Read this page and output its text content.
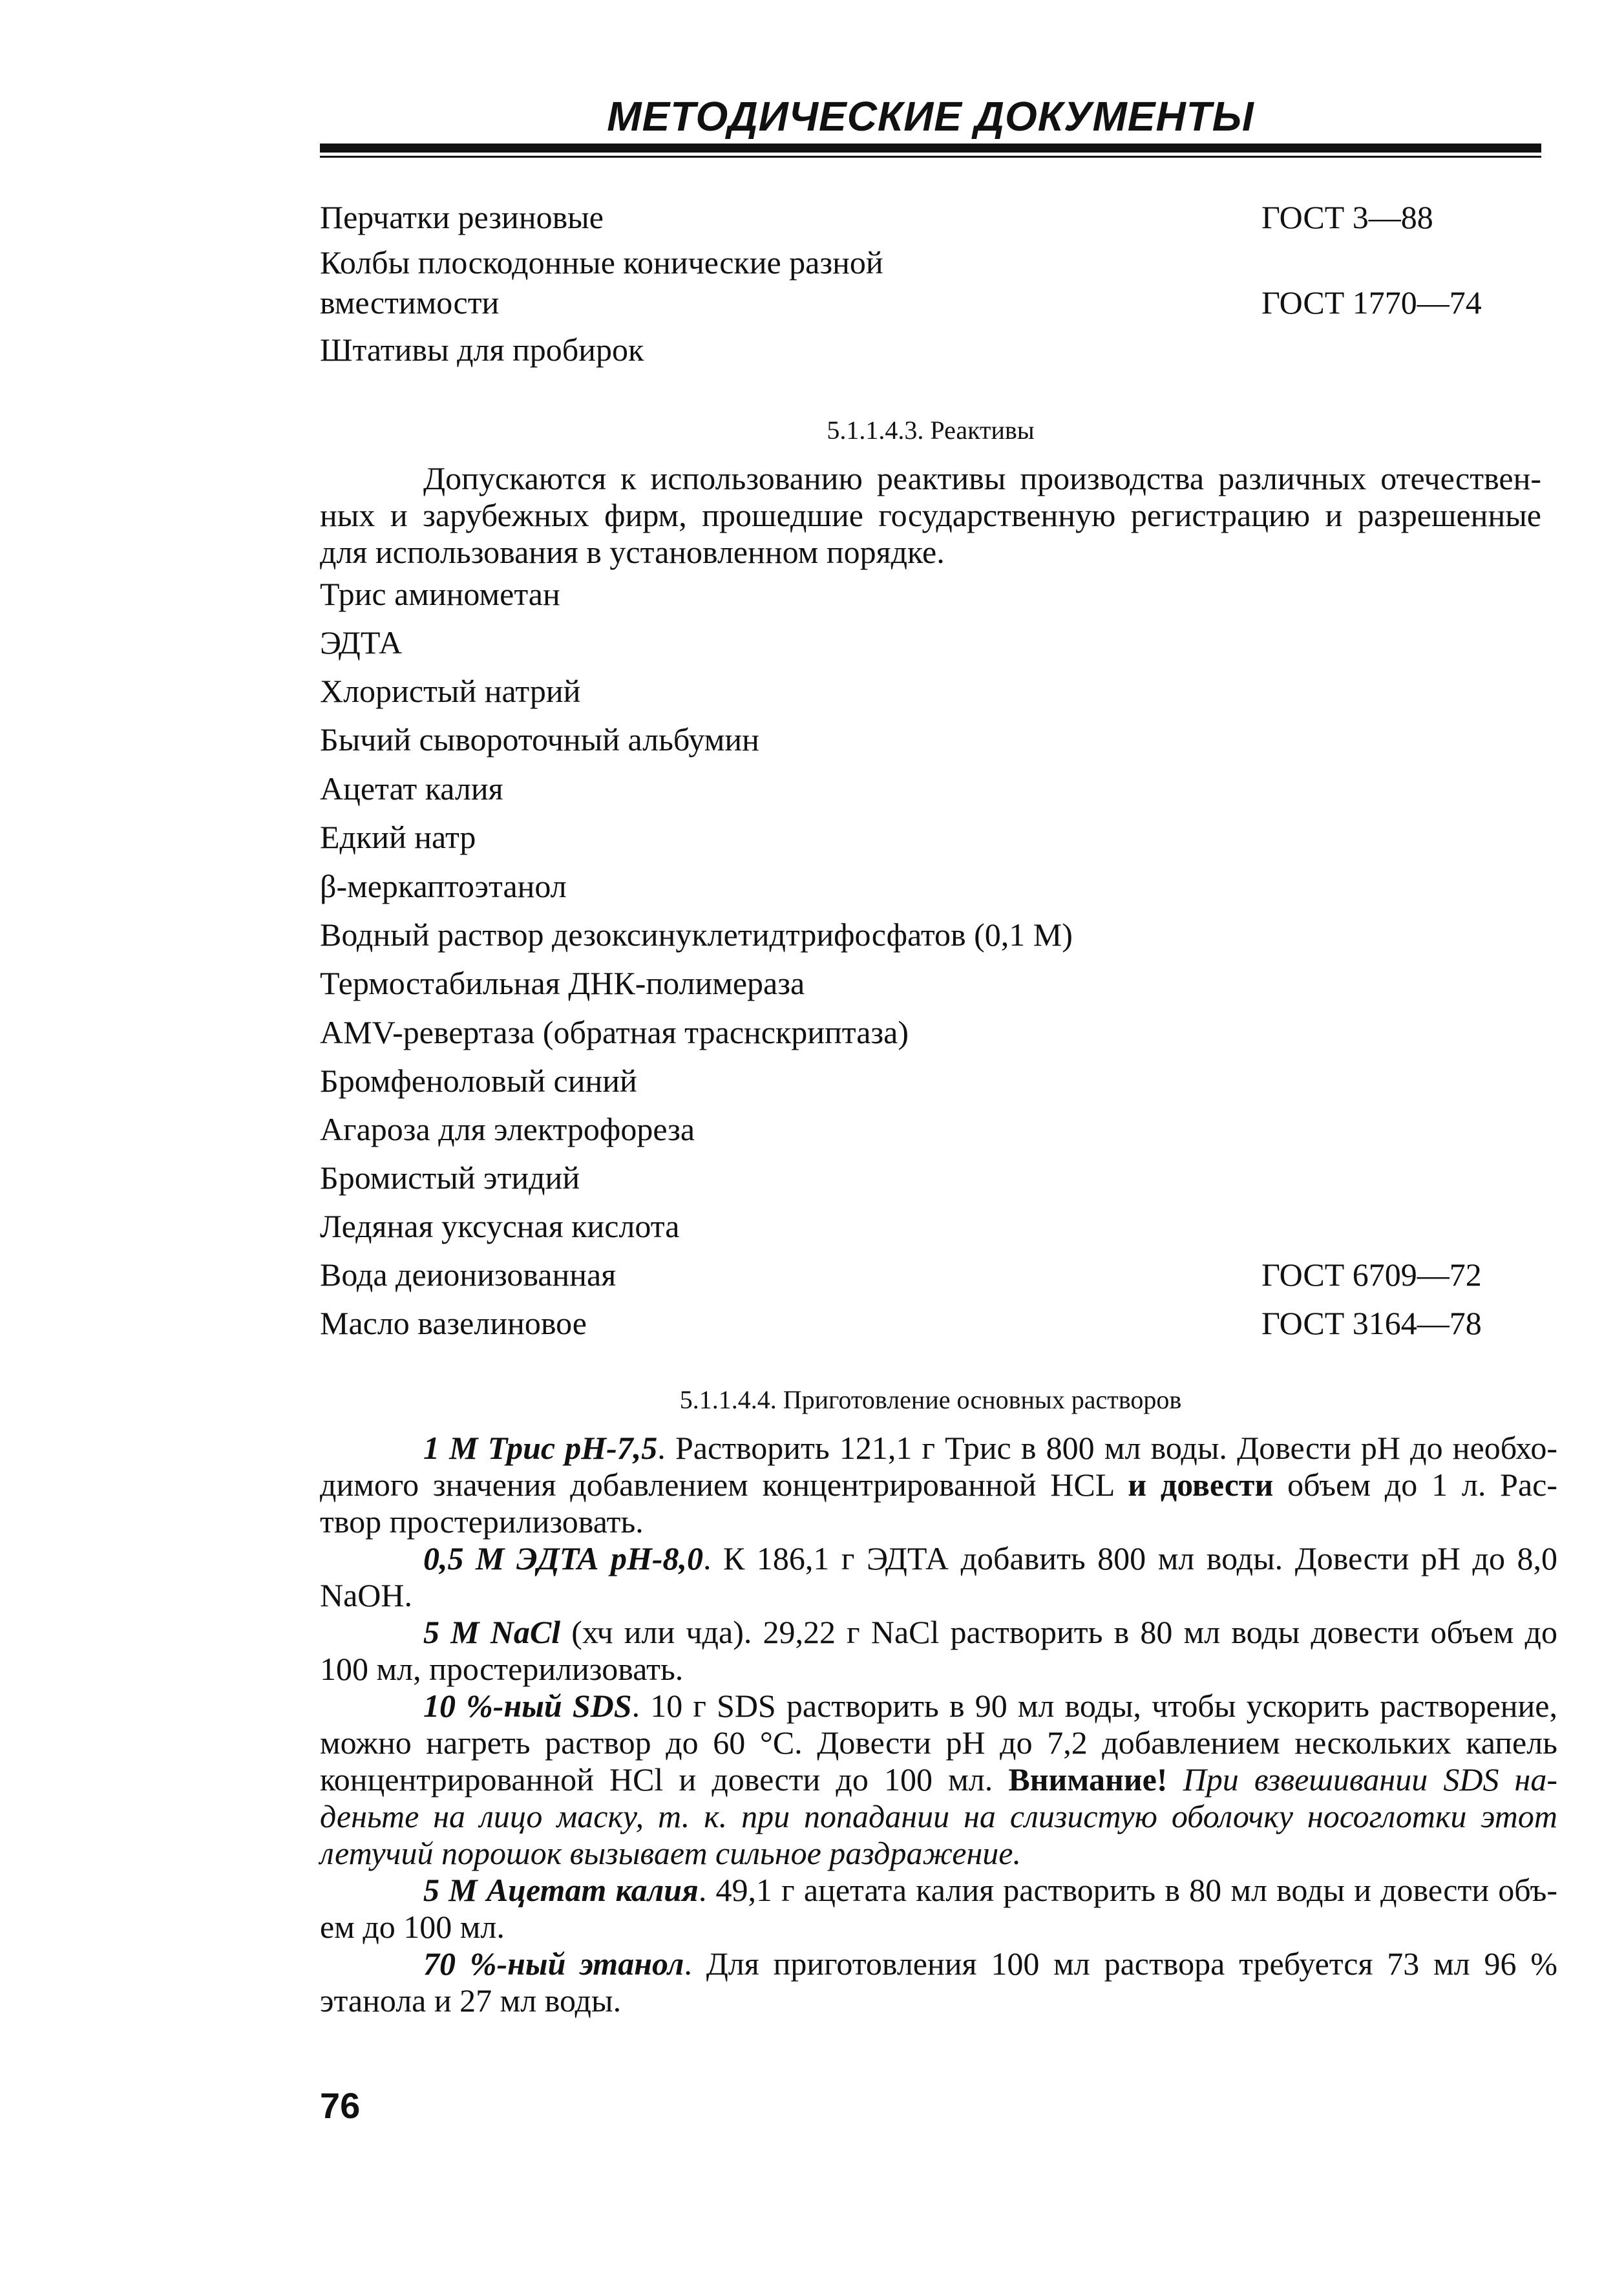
МЕТОДИЧЕСКИЕ ДОКУМЕНТЫ
Перчатки резиновые	ГОСТ 3—88
Колбы плоскодонные конические разной
вместимости	ГОСТ 1770—74
Штативы для пробирок
5.1.1.4.3. Реактивы
Допускаются к использованию реактивы производства различных отечествен-
ных и зарубежных фирм, прошедшие государственную регистрацию и разрешенные
для использования в установленном порядке.
Трис аминометан
ЭДТА
Хлористый натрий
Бычий сывороточный альбумин
Ацетат калия
Едкий натр
β-меркаптоэтанол
Водный раствор дезоксинуклетидтрифосфатов (0,1 М)
Термостабильная ДНК-полимераза
AMV-ревертаза (обратная траснскриптаза)
Бромфеноловый синий
Агароза для электрофореза
Бромистый этидий
Ледяная уксусная кислота
Вода деионизованная	ГОСТ 6709—72
Масло вазелиновое	ГОСТ 3164—78
5.1.1.4.4. Приготовление основных растворов
1 М Трис рН-7,5. Растворить 121,1 г Трис в 800 мл воды. Довести рН до необхо-
димого значения добавлением концентрированной HCL и довести объем до 1 л. Рас-
твор простерилизовать.
0,5 М ЭДТА рН-8,0. К 186,1 г ЭДТА добавить 800 мл воды. Довести рН до 8,0
NaOH.
5 М NaCl (хч или чда). 29,22 г NaCl растворить в 80 мл воды довести объем до
100 мл, простерилизовать.
10 %-ный SDS. 10 г SDS растворить в 90 мл воды, чтобы ускорить растворение,
можно нагреть раствор до 60 °С. Довести рН до 7,2 добавлением нескольких капель
концентрированной HCl и довести до 100 мл. Внимание! При взвешивании SDS на-
деньте на лицо маску, т. к. при попадании на слизистую оболочку носоглотки этот
летучий порошок вызывает сильное раздражение.
5 М Ацетат калия. 49,1 г ацетата калия растворить в 80 мл воды и довести объ-
ем до 100 мл.
70 %-ный этанол. Для приготовления 100 мл раствора требуется 73 мл 96 %
этанола и 27 мл воды.
76
